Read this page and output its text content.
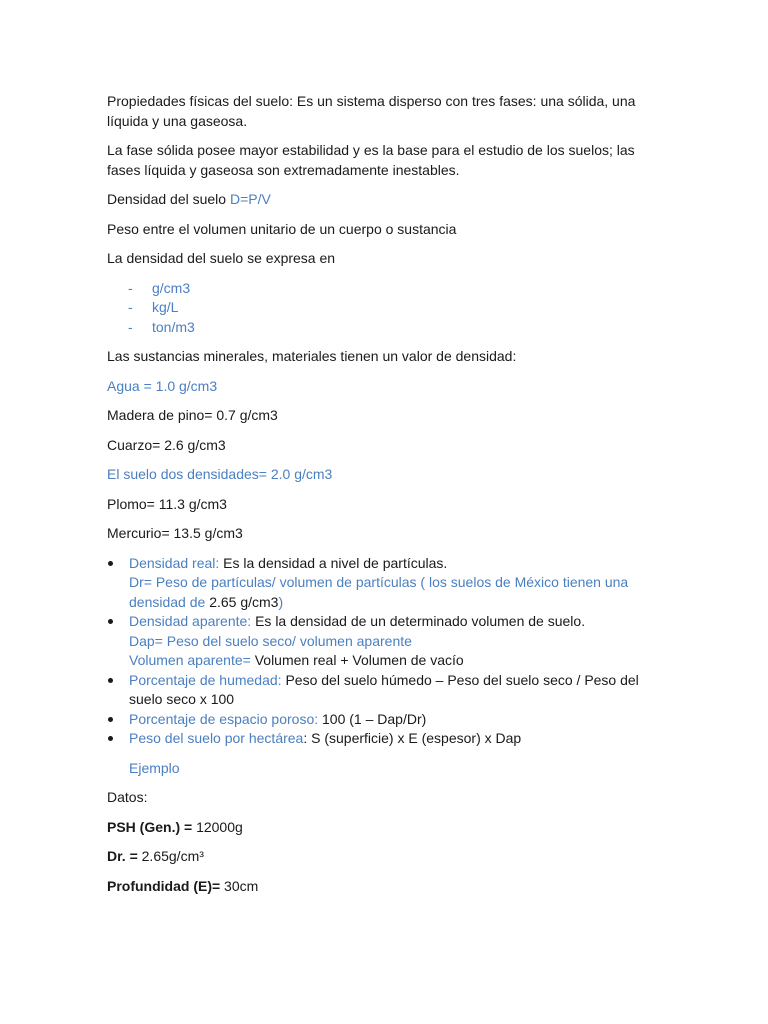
Propiedades físicas del suelo: Es un sistema disperso con tres fases: una sólida, una líquida y una gaseosa.

La fase sólida posee mayor estabilidad y es la base para el estudio de los suelos; las fases líquida y gaseosa son extremadamente inestables.

Densidad del suelo D=P/V

Peso entre el volumen unitario de un cuerpo o sustancia

La densidad del suelo se expresa en

- g/cm3
- kg/L
- ton/m3

Las sustancias minerales, materiales tienen un valor de densidad:

Agua = 1.0 g/cm3

Madera de pino= 0.7 g/cm3

Cuarzo= 2.6 g/cm3

El suelo dos densidades= 2.0 g/cm3

Plomo= 11.3 g/cm3

Mercurio= 13.5 g/cm3

Densidad real: Es la densidad a nivel de partículas.
Dr= Peso de partículas/ volumen de partículas ( los suelos de México tienen una densidad de 2.65 g/cm3)
Densidad aparente: Es la densidad de un determinado volumen de suelo.
Dap= Peso del suelo seco/ volumen aparente
Volumen aparente= Volumen real + Volumen de vacío
Porcentaje de humedad: Peso del suelo húmedo – Peso del suelo seco / Peso del suelo seco x 100
Porcentaje de espacio poroso: 100 (1 – Dap/Dr)
Peso del suelo por hectárea: S (superficie) x E (espesor) x Dap

Ejemplo

Datos:

PSH (Gen.) = 12000g

Dr. = 2.65g/cm³

Profundidad (E)= 30cm
